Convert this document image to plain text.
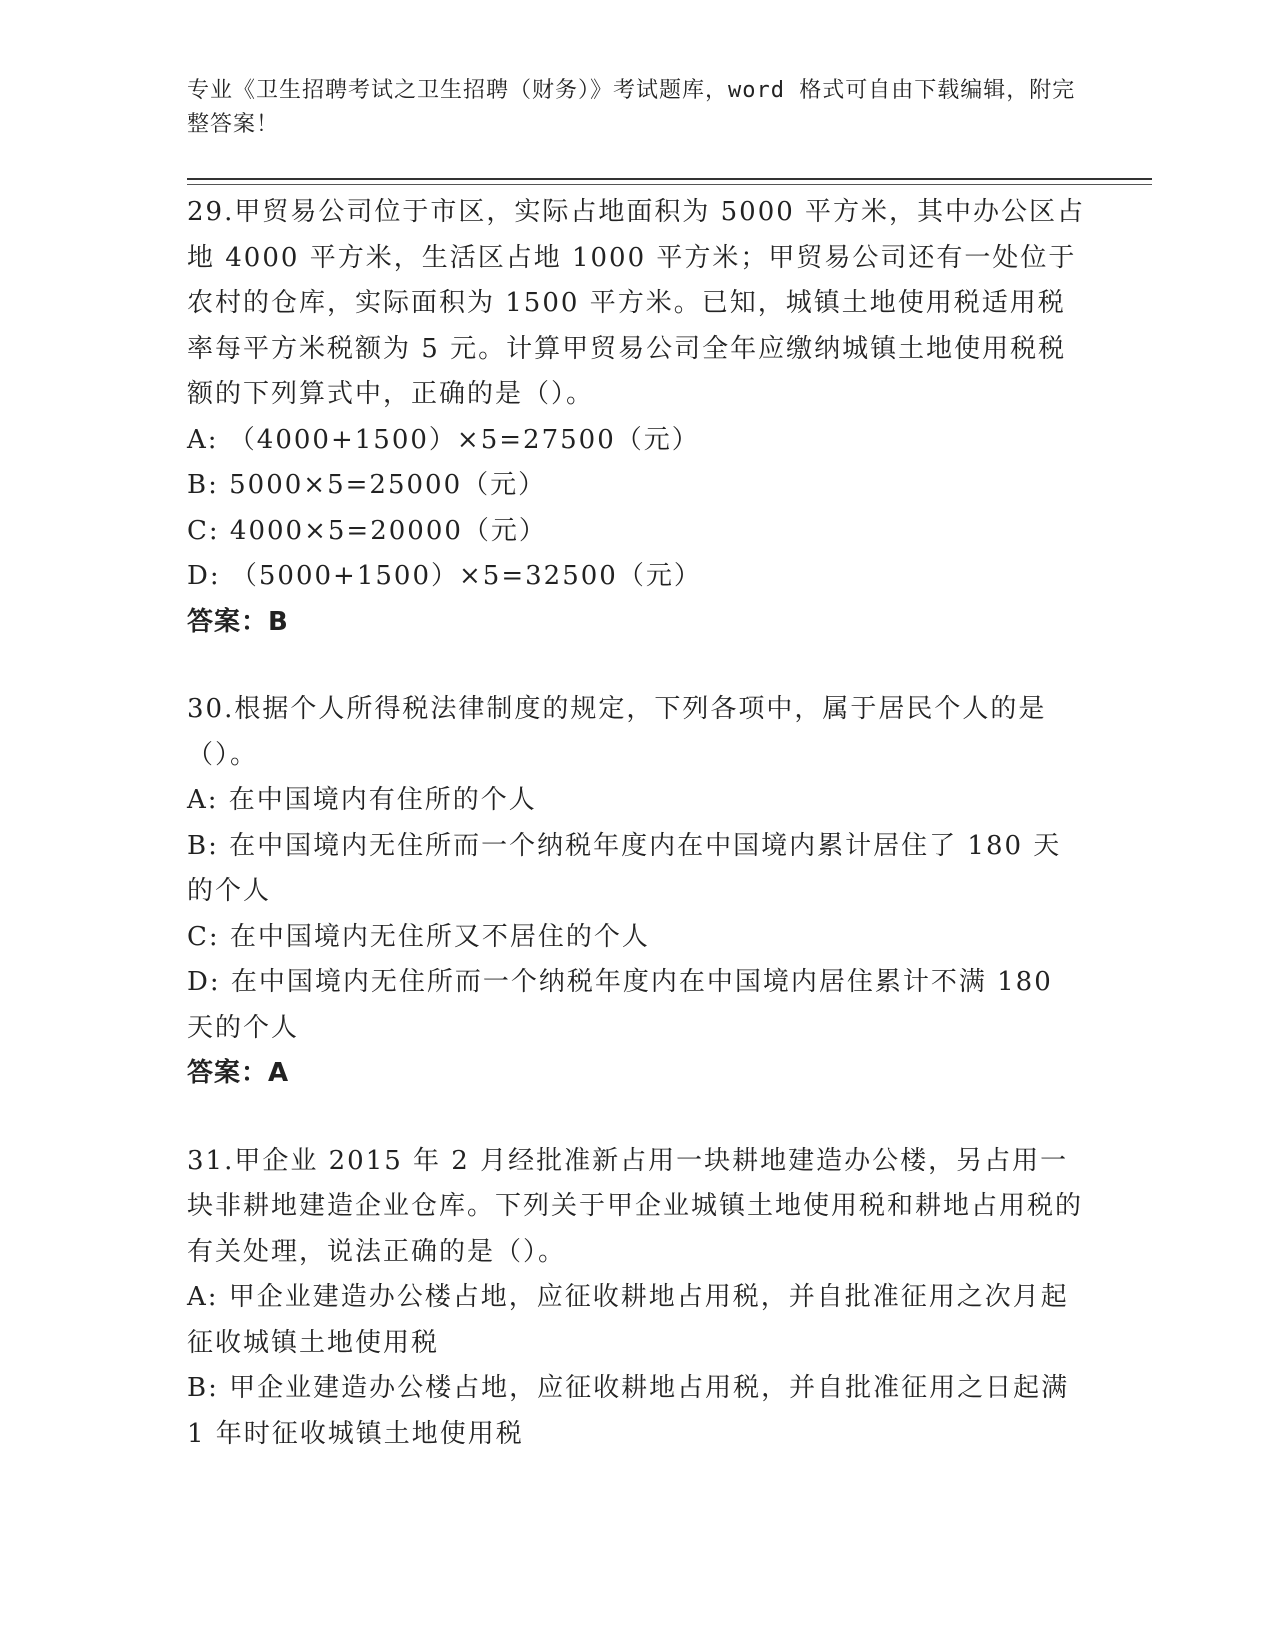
专业《卫生招聘考试之卫生招聘（财务）》考试题库，word 格式可自由下载编辑，附完整答案！

29.甲贸易公司位于市区，实际占地面积为 5000 平方米，其中办公区占地 4000 平方米，生活区占地 1000 平方米；甲贸易公司还有一处位于农村的仓库，实际面积为 1500 平方米。已知，城镇土地使用税适用税率每平方米税额为 5 元。计算甲贸易公司全年应缴纳城镇土地使用税税额的下列算式中，正确的是（）。

A: （4000+1500）×5=27500（元）

B: 5000×5=25000（元）

C: 4000×5=20000（元）

D: （5000+1500）×5=32500（元）

答案：B

30.根据个人所得税法律制度的规定，下列各项中，属于居民个人的是（）。

A: 在中国境内有住所的个人

B: 在中国境内无住所而一个纳税年度内在中国境内累计居住了 180 天的个人

C: 在中国境内无住所又不居住的个人

D: 在中国境内无住所而一个纳税年度内在中国境内居住累计不满 180 天的个人

答案：A

31.甲企业 2015 年 2 月经批准新占用一块耕地建造办公楼，另占用一块非耕地建造企业仓库。下列关于甲企业城镇土地使用税和耕地占用税的有关处理，说法正确的是（）。

A: 甲企业建造办公楼占地，应征收耕地占用税，并自批准征用之次月起征收城镇土地使用税

B: 甲企业建造办公楼占地，应征收耕地占用税，并自批准征用之日起满 1 年时征收城镇土地使用税
